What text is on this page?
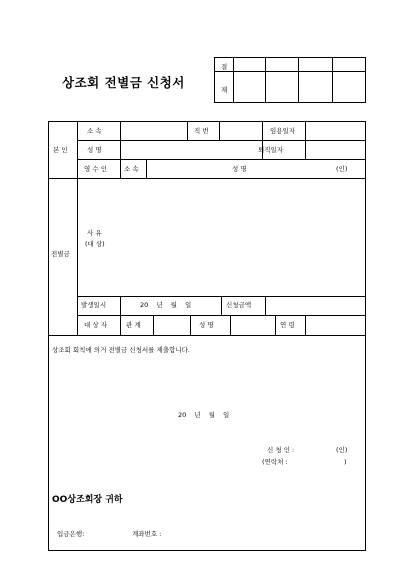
상조회 전별금 신청서
결
재
본 인
소 속	직 번	임용일자
성 명	퇴직일자
영 수 인	소 속	성 명	(인)
전별금
사 유
(대 상)
발생일시	20 년 월 일	신청금액
대 상 자	관 계	성 명	연 령
상조회 회칙에 의거 전별금 신청서를 제출합니다.
20 년 월 일
신 청 인 :	(인)
(연락처 :	)
OO상조회장 귀하
입금은행:	계좌번호 :
